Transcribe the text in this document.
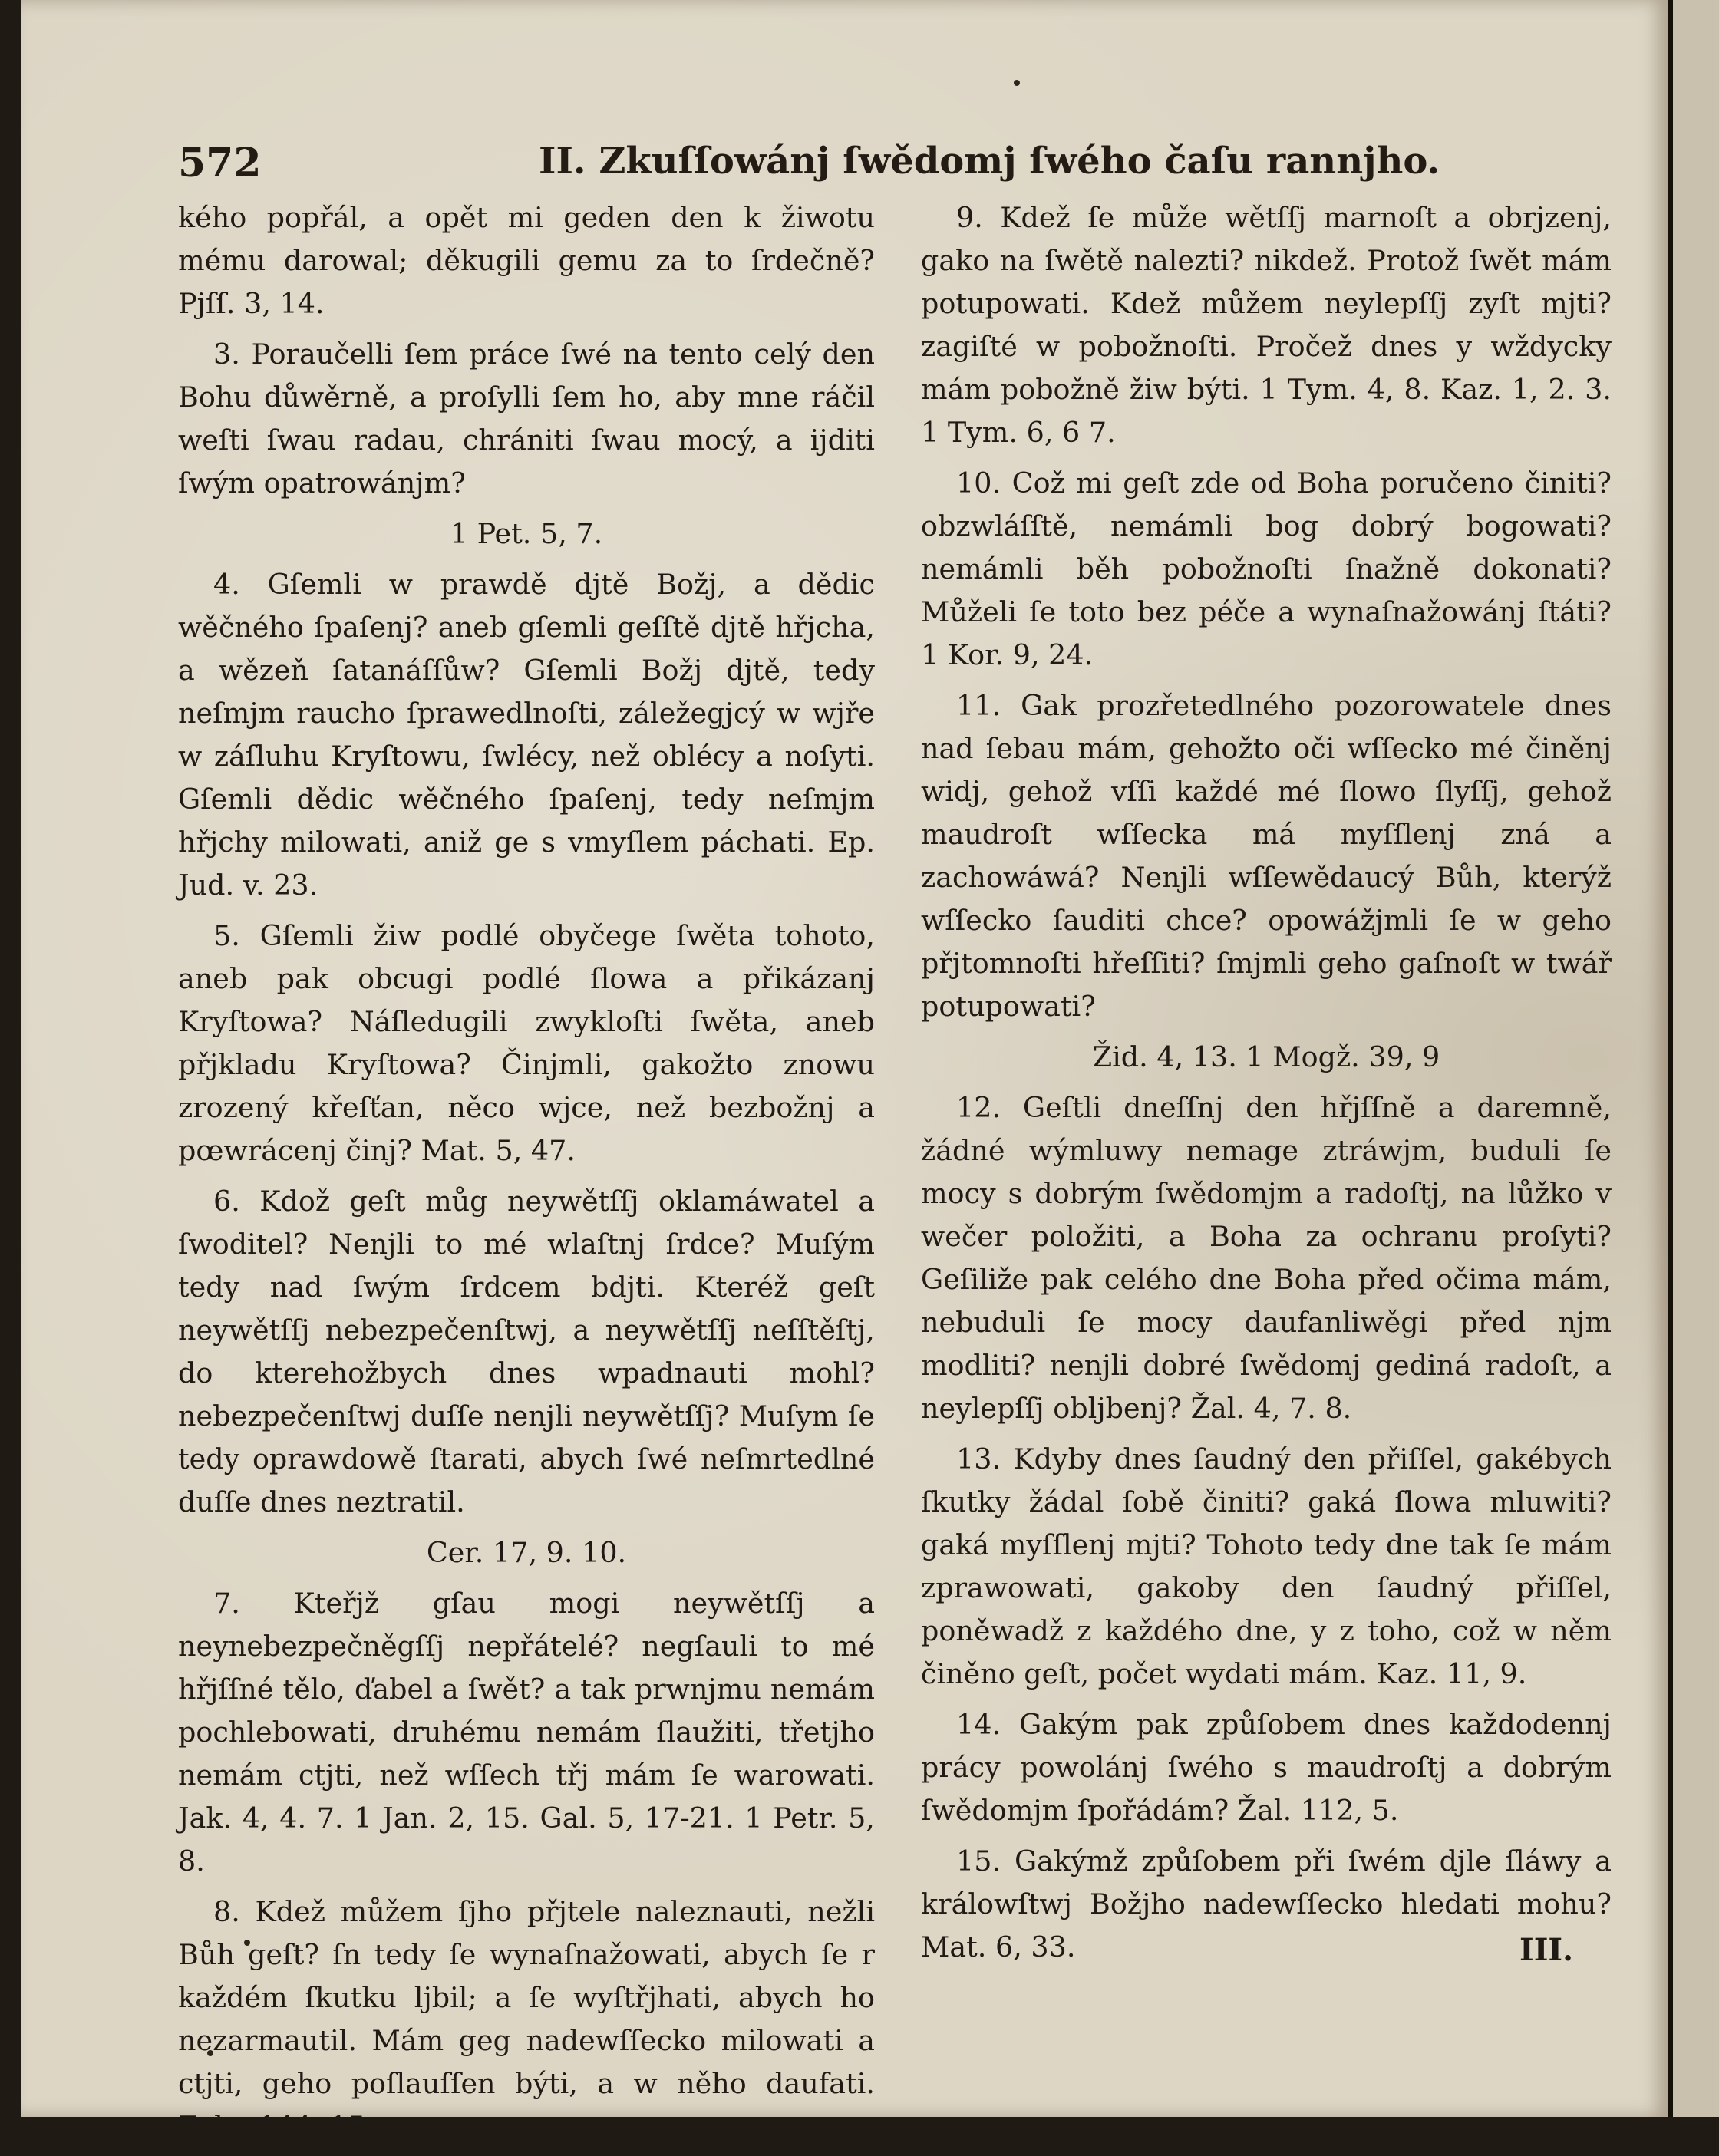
572	II. Zkuſſowánj ſwědomj ſwého čaſu rannjho.

kého popřál, a opět mi geden den k žiwotu mému darowal; děkugili gemu za to ſrdečně? Pjſſ. 3, 14.

3. Poraučelli ſem práce ſwé na tento celý den Bohu důwěrně, a proſylli ſem ho, aby mne ráčil weſti ſwau radau, chrániti ſwau mocý, a ijditi ſwým opatrowánjm?

1 Pet. 5, 7.

4. Gſemli w prawdě djtě Božj, a dědic wěčného ſpaſenj? aneb gſemli geſſtě djtě hřjcha, a wězeň ſatanáſſůw? Gſemli Božj djtě, tedy neſmjm raucho ſprawedlnoſti, záležegjcý w wjře w záſluhu Kryſtowu, ſwlécy, než oblécy a noſyti. Gſemli dědic wěčného ſpaſenj, tedy neſmjm hřjchy milowati, aniž ge s vmyſlem páchati. Ep. Jud. v. 23.

5. Gſemli žiw podlé obyčege ſwěta tohoto, aneb pak obcugi podlé ſlowa a přikázanj Kryſtowa? Náſledugili zwykloſti ſwěta, aneb přjkladu Kryſtowa? Činjmli, gakožto znowu zrozený křeſťan, něco wjce, než bezbožnj a pœwrácenj činj? Mat. 5, 47.

6. Kdož geſt můg neywětſſj oklamáwatel a ſwoditel? Nenjli to mé wlaſtnj ſrdce? Muſým tedy nad ſwým ſrdcem bdjti. Kteréž geſt neywětſſj nebezpečenſtwj, a neywětſſj neſſtěſtj, do kterehožbych dnes wpadnauti mohl? nebezpečenſtwj duſſe nenjli neywětſſj? Muſym ſe tedy oprawdowě ſtarati, abych ſwé neſmrtedlné duſſe dnes neztratil.

Cer. 17, 9. 10.

7. Kteřjž gſau mogi neywětſſj a neynebezpečněgſſj nepřátelé? negſauli to mé hřjſſné tělo, ďabel a ſwět? a tak prwnjmu nemám pochlebowati, druhému nemám ſlaužiti, třetjho nemám ctjti, než wſſech třj mám ſe warowati. Jak. 4, 4. 7. 1 Jan. 2, 15. Gal. 5, 17-21. 1 Petr. 5, 8.

8. Kdež můžem ſjho přjtele naleznauti, nežli Bůh geſt? ſn tedy ſe wynaſnažowati, abych ſe r každém ſkutku ljbil; a ſe wyſtřjhati, abych ho nezarmautil. Mám geg nadewſſecko milowati a ctjti, geho poſlauſſen býti, a w něho daufati. Zalm 144, 15.

9. Kdež ſe může wětſſj marnoſt a obrjzenj, gako na ſwětě nalezti? nikdež. Protož ſwět mám potupowati. Kdež můžem neylepſſj zyſt mjti? zagiſté w pobožnoſti. Pročež dnes y wždycky mám pobožně žiw býti. 1 Tym. 4, 8. Kaz. 1, 2. 3. 1 Tym. 6, 6 7.

10. Což mi geſt zde od Boha poručeno činiti? obzwláſſtě, nemámli bog dobrý bogowati? nemámli běh pobožnoſti ſnažně dokonati? Můželi ſe toto bez péče a wynaſnažowánj ſtáti? 1 Kor. 9, 24.

11. Gak prozřetedlného pozorowatele dnes nad ſebau mám, gehožto oči wſſecko mé činěnj widj, gehož vſſi každé mé ſlowo ſlyſſj, gehož maudroſt wſſecka má myſſlenj zná a zachowáwá? Nenjli wſſewědaucý Bůh, kterýž wſſecko ſauditi chce? opowážjmli ſe w geho přjtomnoſti hřeſſiti? ſmjmli geho gaſnoſt w twář potupowati?

Žid. 4, 13. 1 Mogž. 39, 9

12. Geſtli dneſſnj den hřjſſně a daremně, žádné wýmluwy nemage ztráwjm, buduli ſe mocy s dobrým ſwědomjm a radoſtj, na lůžko v wečer položiti, a Boha za ochranu proſyti? Geſiliže pak celého dne Boha před očima mám, nebuduli ſe mocy daufanliwěgi před njm modliti? nenjli dobré ſwědomj gediná radoſt, a neylepſſj obljbenj? Žal. 4, 7. 8.

13. Kdyby dnes ſaudný den přiſſel, gakébych ſkutky žádal ſobě činiti? gaká ſlowa mluwiti? gaká myſſlenj mjti? Tohoto tedy dne tak ſe mám zprawowati, gakoby den ſaudný přiſſel, poněwadž z každého dne, y z toho, což w něm činěno geſt, počet wydati mám. Kaz. 11, 9.

14. Gakým pak způſobem dnes každodennj prácy powolánj ſwého s maudroſtj a dobrým ſwědomjm ſpořádám? Žal. 112, 5.

15. Gakýmž způſobem při ſwém djle ſláwy a králowſtwj Božjho nadewſſecko hledati mohu? Mat. 6, 33.	III.
